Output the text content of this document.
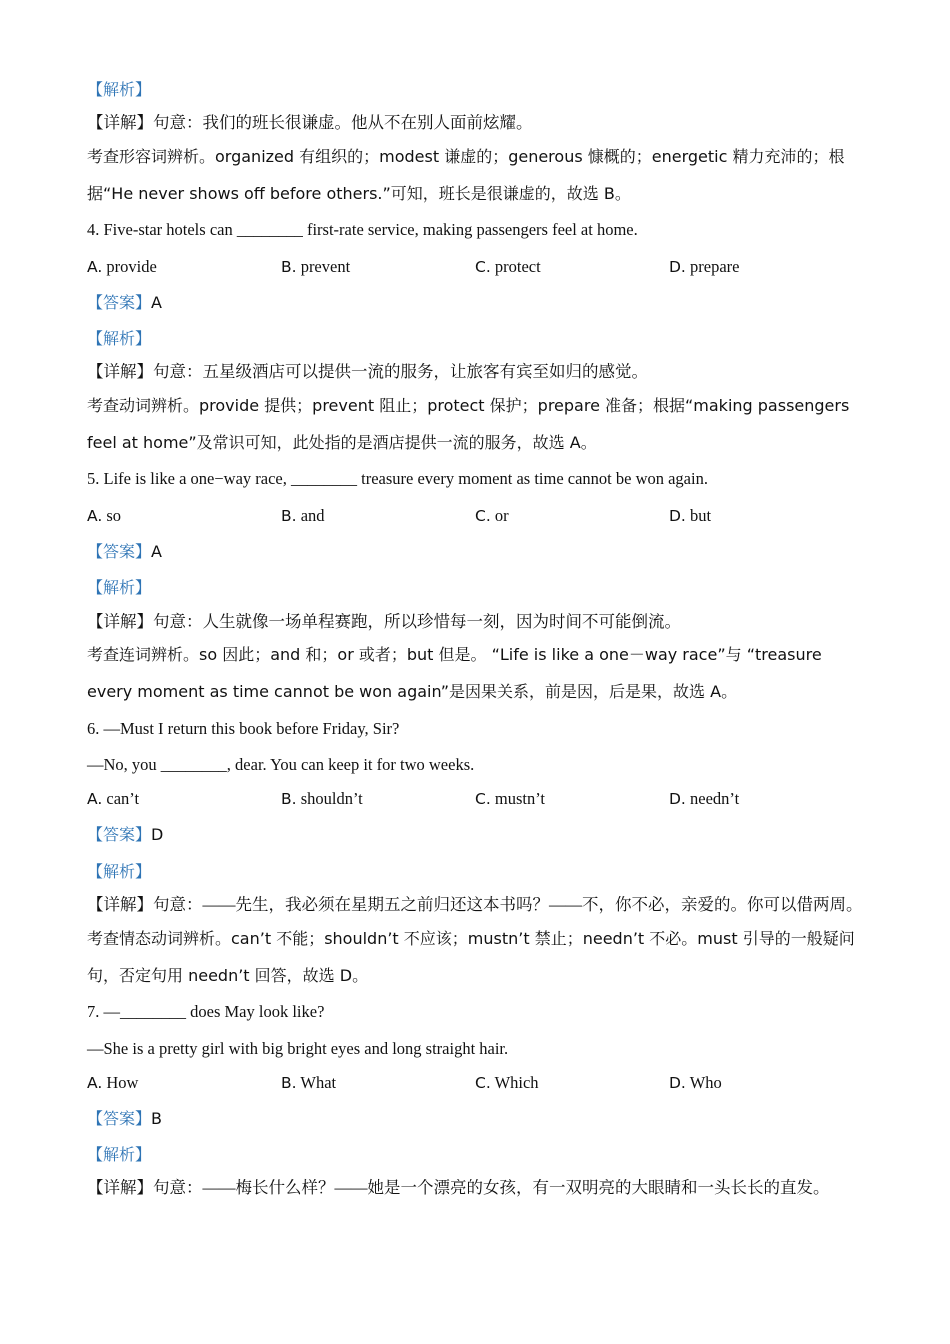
【解析】
【详解】句意：我们的班长很谦虚。他从不在别人面前炫耀。
考查形容词辨析。organized 有组织的；modest 谦虚的；generous 慷概的；energetic 精力充沛的；根
据“He never shows off before others.”可知，班长是很谦虚的，故选 B。
4. Five-star hotels can ________ first-rate service, making passengers feel at home.
A. provide	B. prevent	C. protect	D. prepare
【答案】A
【解析】
【详解】句意：五星级酒店可以提供一流的服务，让旅客有宾至如归的感觉。
考查动词辨析。provide 提供；prevent 阻止；protect 保护；prepare 准备；根据“making passengers
feel at home”及常识可知，此处指的是酒店提供一流的服务，故选 A。
5. Life is like a one−way race, ________ treasure every moment as time cannot be won again.
A. so	B. and	C. or	D. but
【答案】A
【解析】
【详解】句意：人生就像一场单程赛跑，所以珍惜每一刻，因为时间不可能倒流。
考查连词辨析。so 因此；and 和；or 或者；but 但是。 “Life is like a one－way race”与 “treasure
every moment as time cannot be won again”是因果关系，前是因，后是果，故选 A。
6. —Must I return this book before Friday, Sir?
—No, you ________, dear. You can keep it for two weeks.
A. can’t	B. shouldn’t	C. mustn’t	D. needn’t
【答案】D
【解析】
【详解】句意：——先生，我必须在星期五之前归还这本书吗？——不，你不必，亲爱的。你可以借两周。
考查情态动词辨析。can’t 不能；shouldn’t 不应该；mustn’t 禁止；needn’t 不必。must 引导的一般疑问
句，否定句用 needn’t 回答，故选 D。
7. —________ does May look like?
—She is a pretty girl with big bright eyes and long straight hair.
A. How	B. What	C. Which	D. Who
【答案】B
【解析】
【详解】句意：——梅长什么样？——她是一个漂亮的女孩，有一双明亮的大眼睛和一头长长的直发。
